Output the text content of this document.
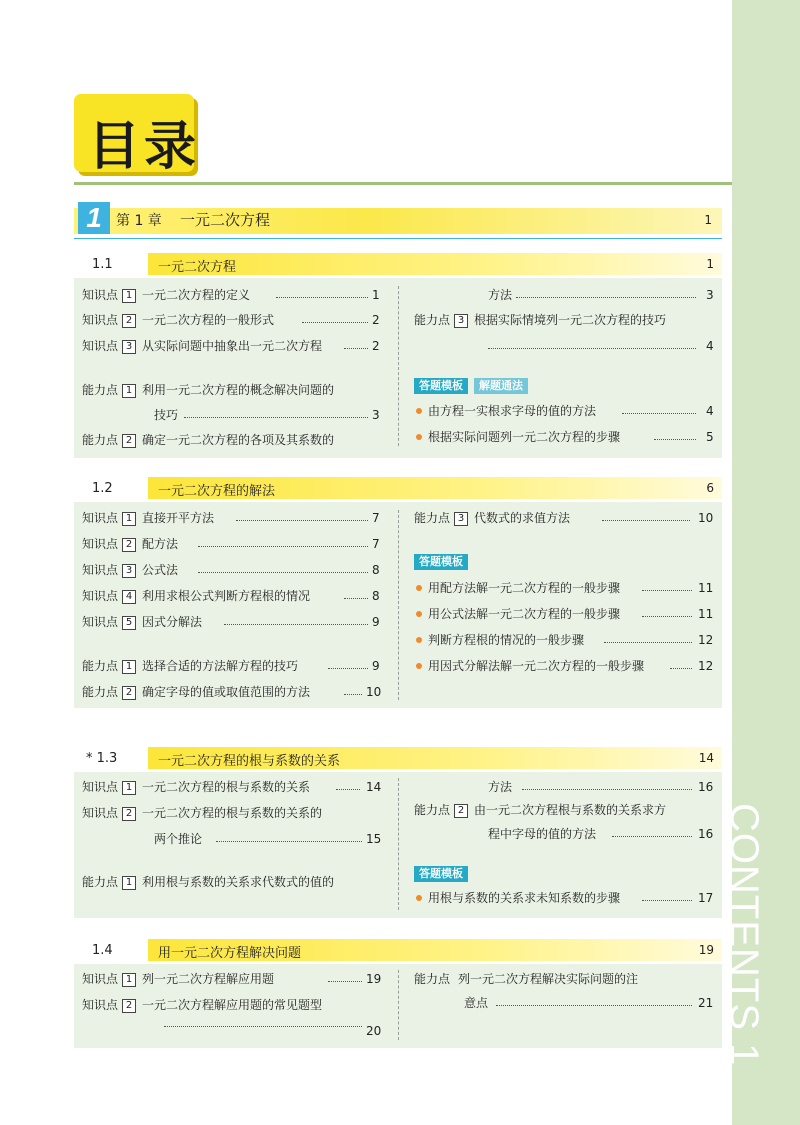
CONTENTS 1
目录
1	第 1 章 一元二次方程	1
1.1	一元二次方程	1
知识点 1 一元二次方程的定义	1
知识点 2 一元二次方程的一般形式	2
知识点 3 从实际问题中抽象出一元二次方程	2
能力点 1 利用一元二次方程的概念解决问题的
技巧	3
能力点 2 确定一元二次方程的各项及其系数的
方法	3
能力点 3 根据实际情境列一元二次方程的技巧
4
答题模板	解题通法
由方程一实根求字母的值的方法	4
根据实际问题列一元二次方程的步骤	5
1.2	一元二次方程的解法	6
知识点 1 直接开平方法	7
知识点 2 配方法	7
知识点 3 公式法	8
知识点 4 利用求根公式判断方程根的情况	8
知识点 5 因式分解法	9
能力点 1 选择合适的方法解方程的技巧	9
能力点 2 确定字母的值或取值范围的方法	10
能力点 3 代数式的求值方法	10
答题模板
用配方法解一元二次方程的一般步骤	11
用公式法解一元二次方程的一般步骤	11
判断方程根的情况的一般步骤	12
用因式分解法解一元二次方程的一般步骤	12
* 1.3	一元二次方程的根与系数的关系	14
知识点 1 一元二次方程的根与系数的关系	14
知识点 2 一元二次方程的根与系数的关系的
两个推论	15
能力点 1 利用根与系数的关系求代数式的值的
方法	16
能力点 2 由一元二次方程根与系数的关系求方
程中字母的值的方法	16
答题模板
用根与系数的关系求未知系数的步骤	17
1.4	用一元二次方程解决问题	19
知识点 1 列一元二次方程解应用题	19
知识点 2 一元二次方程解应用题的常见题型
20
能力点 列一元二次方程解决实际问题的注
意点	21
